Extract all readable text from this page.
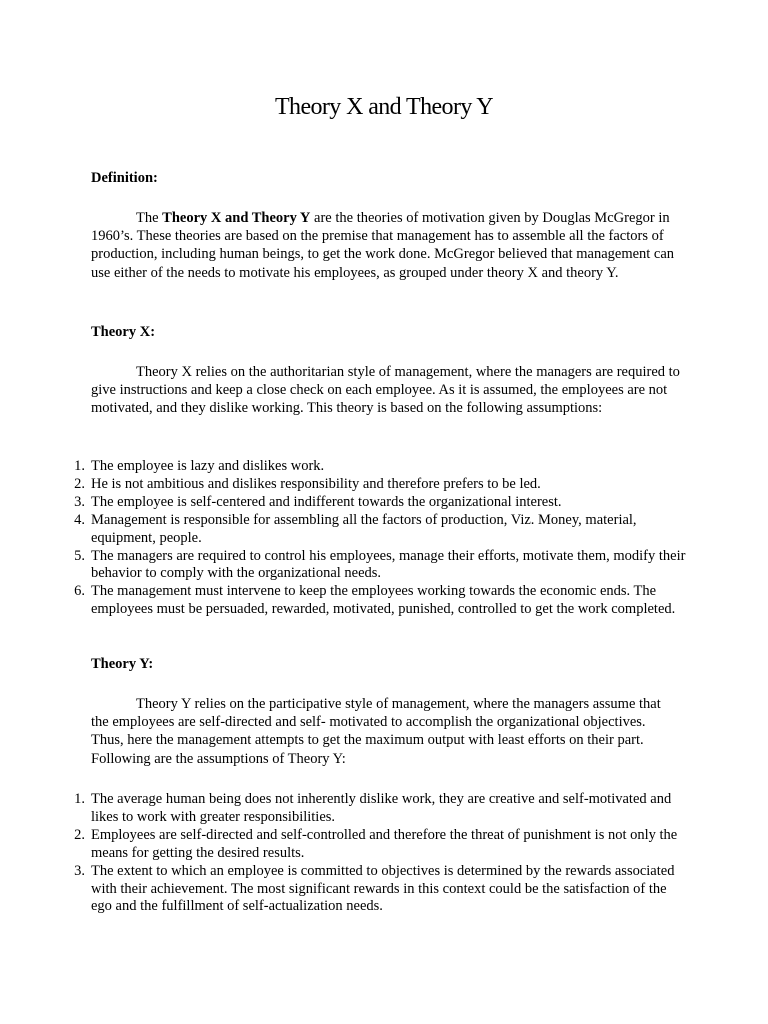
Theory X and Theory Y

Definition:

The Theory X and Theory Y are the theories of motivation given by Douglas McGregor in 1960’s. These theories are based on the premise that management has to assemble all the factors of production, including human beings, to get the work done. McGregor believed that management can use either of the needs to motivate his employees, as grouped under theory X and theory Y.

Theory X:

Theory X relies on the authoritarian style of management, where the managers are required to give instructions and keep a close check on each employee. As it is assumed, the employees are not motivated, and they dislike working. This theory is based on the following assumptions:

1. The employee is lazy and dislikes work.
2. He is not ambitious and dislikes responsibility and therefore prefers to be led.
3. The employee is self-centered and indifferent towards the organizational interest.
4. Management is responsible for assembling all the factors of production, Viz. Money, material, equipment, people.
5. The managers are required to control his employees, manage their efforts, motivate them, modify their behavior to comply with the organizational needs.
6. The management must intervene to keep the employees working towards the economic ends. The employees must be persuaded, rewarded, motivated, punished, controlled to get the work completed.

Theory Y:

Theory Y relies on the participative style of management, where the managers assume that the employees are self-directed and self- motivated to accomplish the organizational objectives. Thus, here the management attempts to get the maximum output with least efforts on their part. Following are the assumptions of Theory Y:

1. The average human being does not inherently dislike work, they are creative and self-motivated and likes to work with greater responsibilities.
2. Employees are self-directed and self-controlled and therefore the threat of punishment is not only the means for getting the desired results.
3. The extent to which an employee is committed to objectives is determined by the rewards associated with their achievement. The most significant rewards in this context could be the satisfaction of the ego and the fulfillment of self-actualization needs.
